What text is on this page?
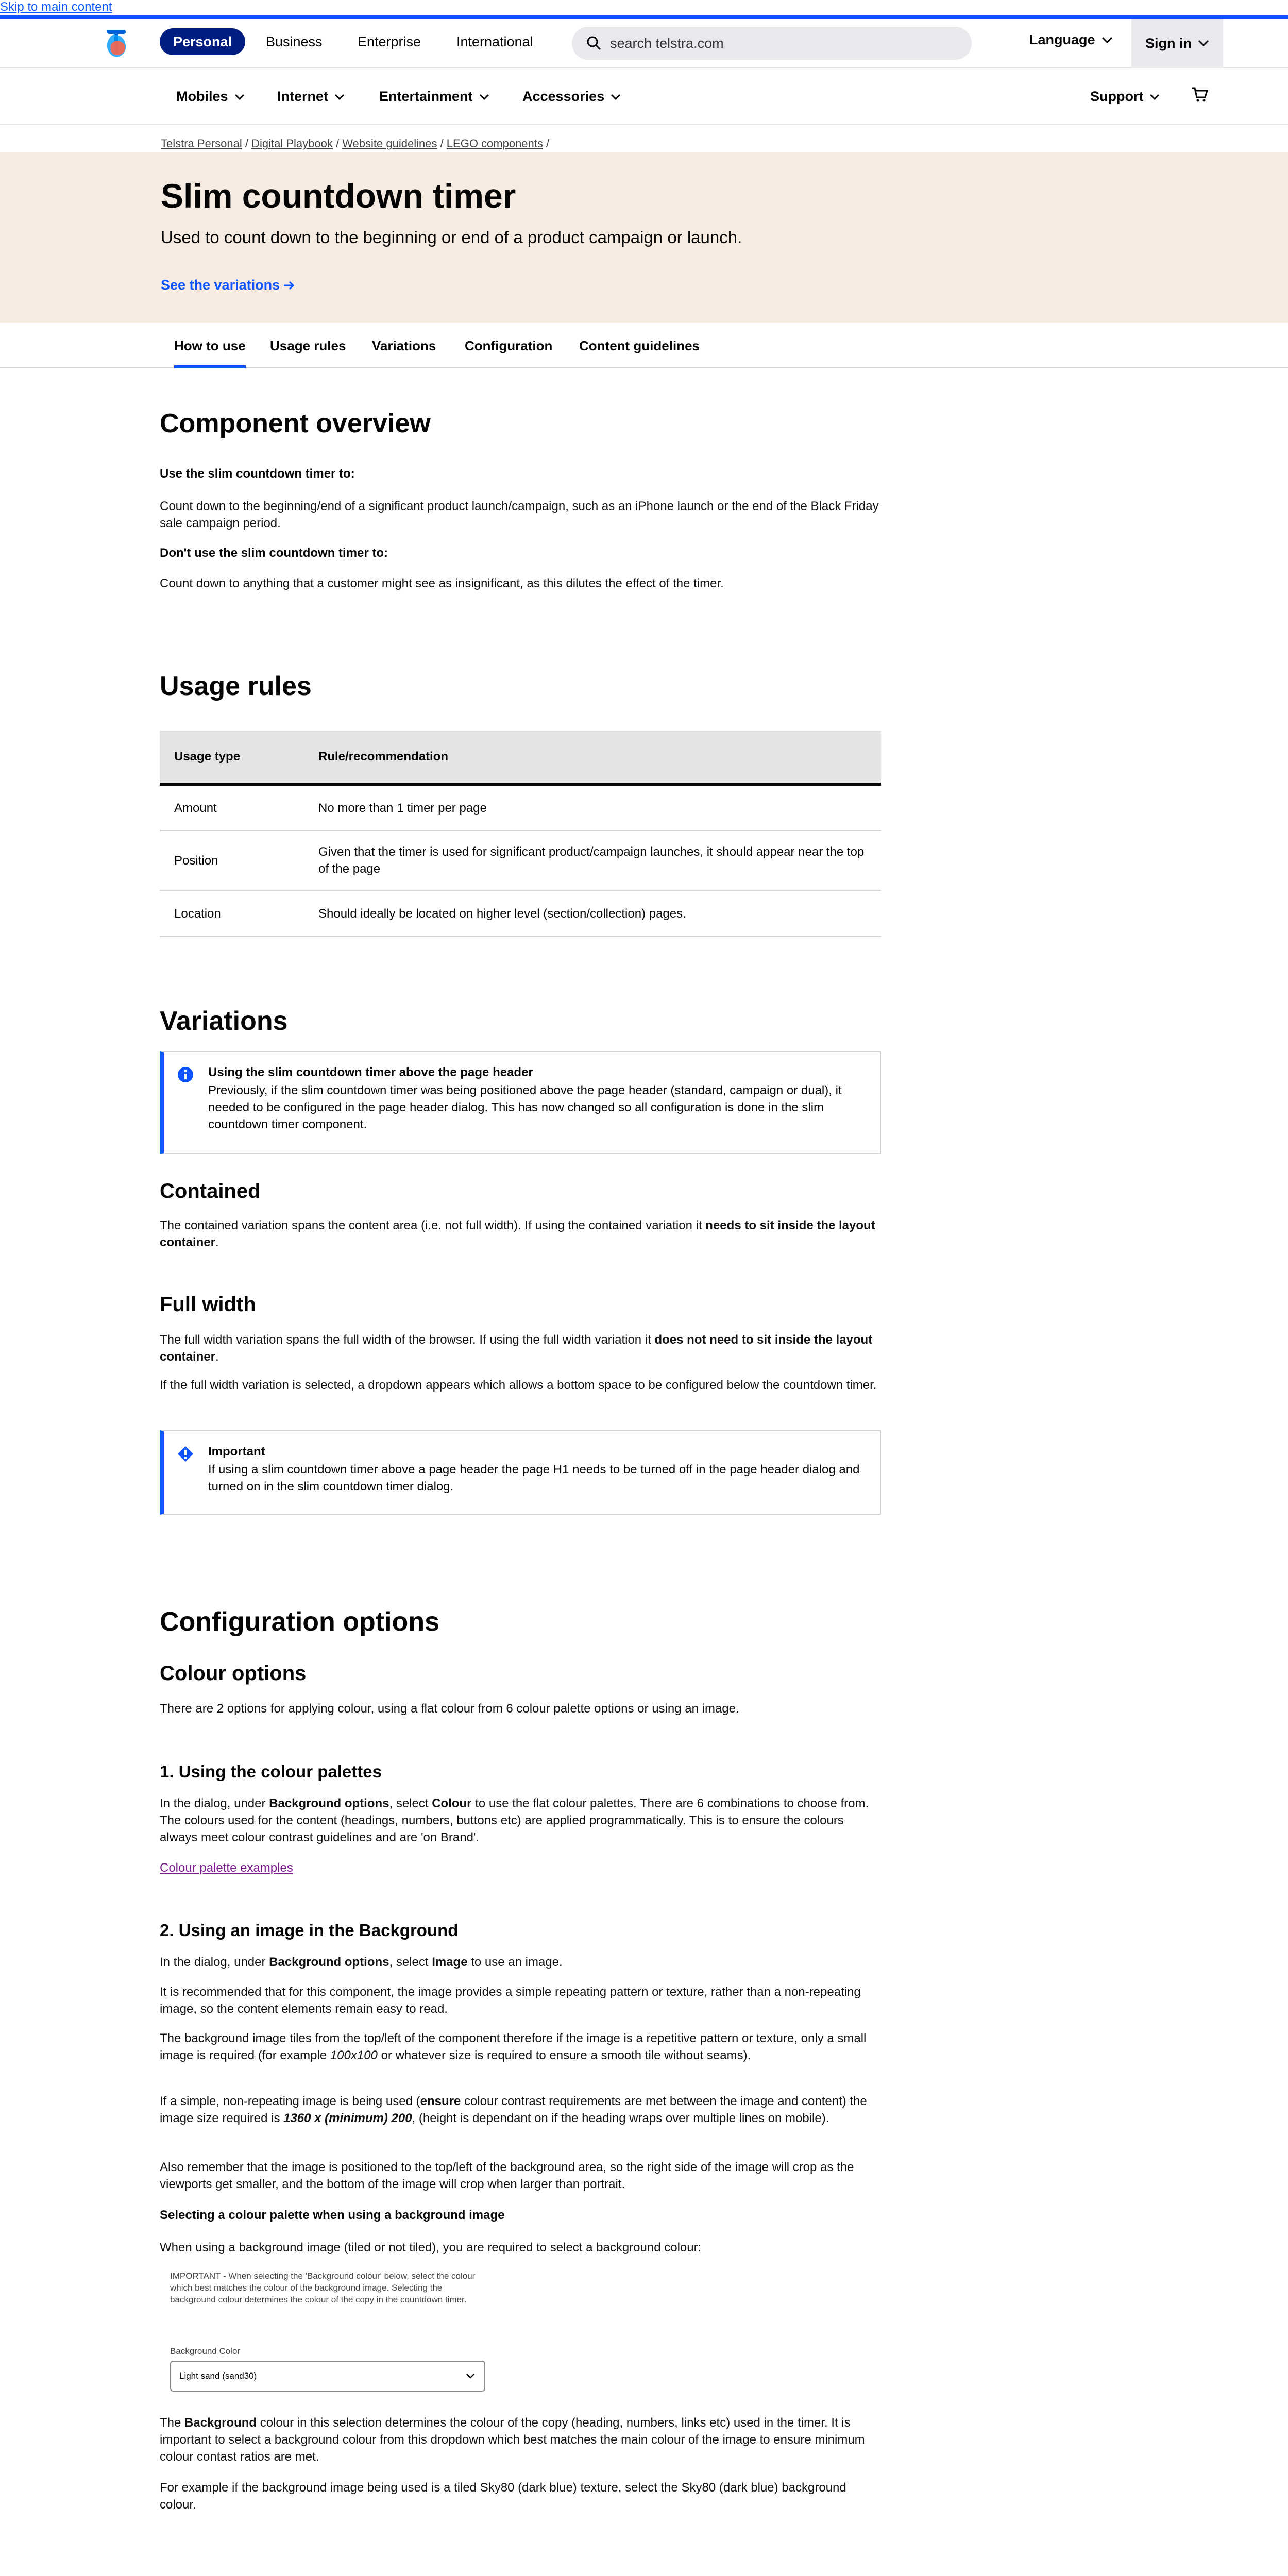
Skip to main content
Personal	Business	Enterprise	International	search telstra.com	Language	Sign in
Mobiles	Internet	Entertainment	Accessories	Support
Telstra Personal / Digital Playbook / Website guidelines / LEGO components /
Slim countdown timer

Used to count down to the beginning or end of a product campaign or launch.

See the variations
How to use Usage rules Variations Configuration Content guidelines
Component overview
Use the slim countdown timer to:
Count down to the beginning/end of a significant product launch/campaign, such as an iPhone launch or the end of the Black Friday sale campaign period.
Don't use the slim countdown timer to:
Count down to anything that a customer might see as insignificant, as this dilutes the effect of the timer.
Usage rules
Usage type	Rule/recommendation
Amount	No more than 1 timer per page
Position	Given that the timer is used for significant product/campaign launches, it should appear near the top of the page
Location	Should ideally be located on higher level (section/collection) pages.
Variations
Using the slim countdown timer above the page header
Previously, if the slim countdown timer was being positioned above the page header (standard, campaign or dual), it needed to be configured in the page header dialog. This has now changed so all configuration is done in the slim countdown timer component.
Contained
The contained variation spans the content area (i.e. not full width). If using the contained variation it needs to sit inside the layout container.
Full width
The full width variation spans the full width of the browser. If using the full width variation it does not need to sit inside the layout container.
If the full width variation is selected, a dropdown appears which allows a bottom space to be configured below the countdown timer.
Important
If using a slim countdown timer above a page header the page H1 needs to be turned off in the page header dialog and turned on in the slim countdown timer dialog.
Configuration options
Colour options
There are 2 options for applying colour, using a flat colour from 6 colour palette options or using an image.
1. Using the colour palettes
In the dialog, under Background options, select Colour to use the flat colour palettes. There are 6 combinations to choose from. The colours used for the content (headings, numbers, buttons etc) are applied programmatically. This is to ensure the colours always meet colour contrast guidelines and are 'on Brand'.
Colour palette examples
2. Using an image in the Background
In the dialog, under Background options, select Image to use an image.
It is recommended that for this component, the image provides a simple repeating pattern or texture, rather than a non-repeating image, so the content elements remain easy to read.
The background image tiles from the top/left of the component therefore if the image is a repetitive pattern or texture, only a small image is required (for example 100x100 or whatever size is required to ensure a smooth tile without seams).
If a simple, non-repeating image is being used (ensure colour contrast requirements are met between the image and content) the image size required is 1360 x (minimum) 200, (height is dependant on if the heading wraps over multiple lines on mobile).
Also remember that the image is positioned to the top/left of the background area, so the right side of the image will crop as the viewports get smaller, and the bottom of the image will crop when larger than portrait.
Selecting a colour palette when using a background image
When using a background image (tiled or not tiled), you are required to select a background colour:
IMPORTANT - When selecting the 'Background colour' below, select the colour which best matches the colour of the background image. Selecting the background colour determines the colour of the copy in the countdown timer.
Background Color
Light sand (sand30)
The Background colour in this selection determines the colour of the copy (heading, numbers, links etc) used in the timer. It is important to select a background colour from this dropdown which best matches the main colour of the image to ensure minimum colour contast ratios are met.
For example if the background image being used is a tiled Sky80 (dark blue) texture, select the Sky80 (dark blue) background colour.
